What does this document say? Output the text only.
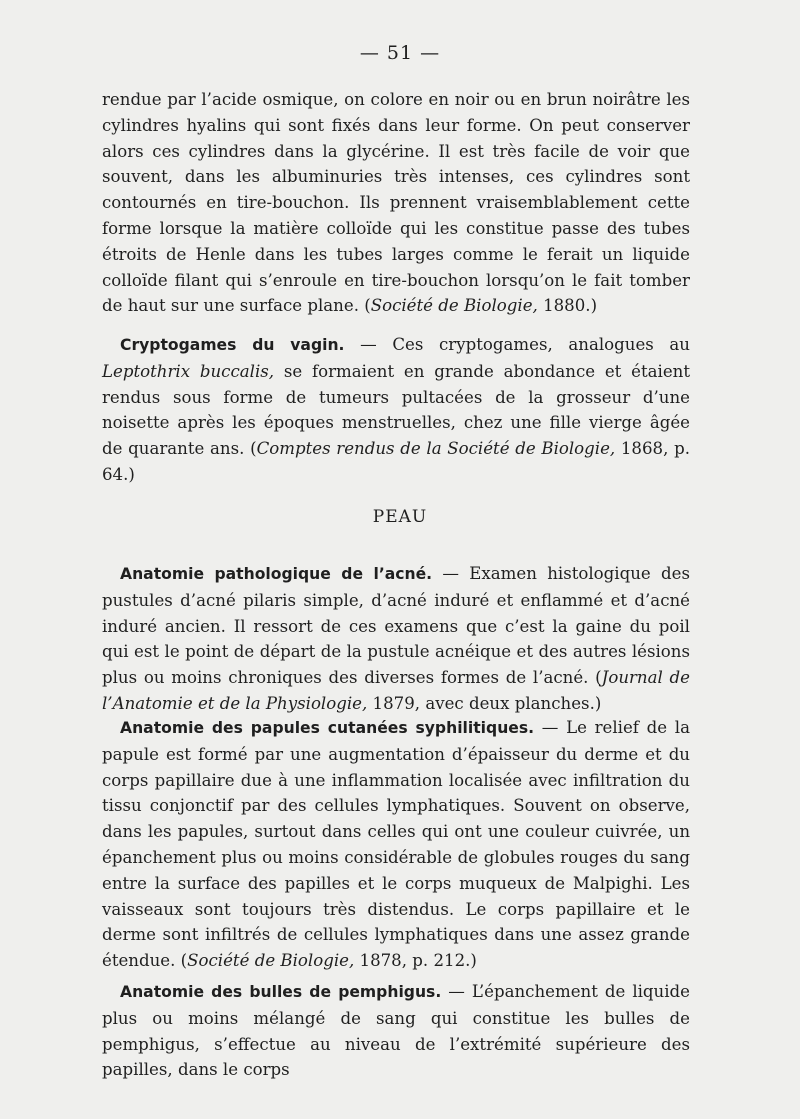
— 51 —

rendue par l’acide osmique, on colore en noir ou en brun noirâtre les cylindres hyalins qui sont fixés dans leur forme. On peut conserver alors ces cylindres dans la glycérine. Il est très facile de voir que souvent, dans les albuminuries très intenses, ces cylindres sont contournés en tire-bouchon. Ils prennent vraisemblablement cette forme lorsque la matière colloïde qui les constitue passe des tubes étroits de Henle dans les tubes larges comme le ferait un liquide colloïde filant qui s’enroule en tire-bouchon lorsqu’on le fait tomber de haut sur une surface plane. (Société de Biologie, 1880.)

Cryptogames du vagin. — Ces cryptogames, analogues au Leptothrix buccalis, se formaient en grande abondance et étaient rendus sous forme de tumeurs pultacées de la grosseur d’une noisette après les époques menstruelles, chez une fille vierge âgée de quarante ans. (Comptes rendus de la Société de Biologie, 1868, p. 64.)

PEAU

Anatomie pathologique de l’acné. — Examen histologique des pustules d’acné pilaris simple, d’acné induré et enflammé et d’acné induré ancien. Il ressort de ces examens que c’est la gaine du poil qui est le point de départ de la pustule acnéique et des autres lésions plus ou moins chroniques des diverses formes de l’acné. (Journal de l’Anatomie et de la Physiologie, 1879, avec deux planches.)

Anatomie des papules cutanées syphilitiques. — Le relief de la papule est formé par une augmentation d’épaisseur du derme et du corps papillaire due à une inflammation localisée avec infiltration du tissu conjonctif par des cellules lymphatiques. Souvent on observe, dans les papules, surtout dans celles qui ont une couleur cuivrée, un épanchement plus ou moins considérable de globules rouges du sang entre la surface des papilles et le corps muqueux de Malpighi. Les vaisseaux sont toujours très distendus. Le corps papillaire et le derme sont infiltrés de cellules lymphatiques dans une assez grande étendue. (Société de Biologie, 1878, p. 212.)

Anatomie des bulles de pemphigus. — L’épanchement de liquide plus ou moins mélangé de sang qui constitue les bulles de pemphigus, s’effectue au niveau de l’extrémité supérieure des papilles, dans le corps
